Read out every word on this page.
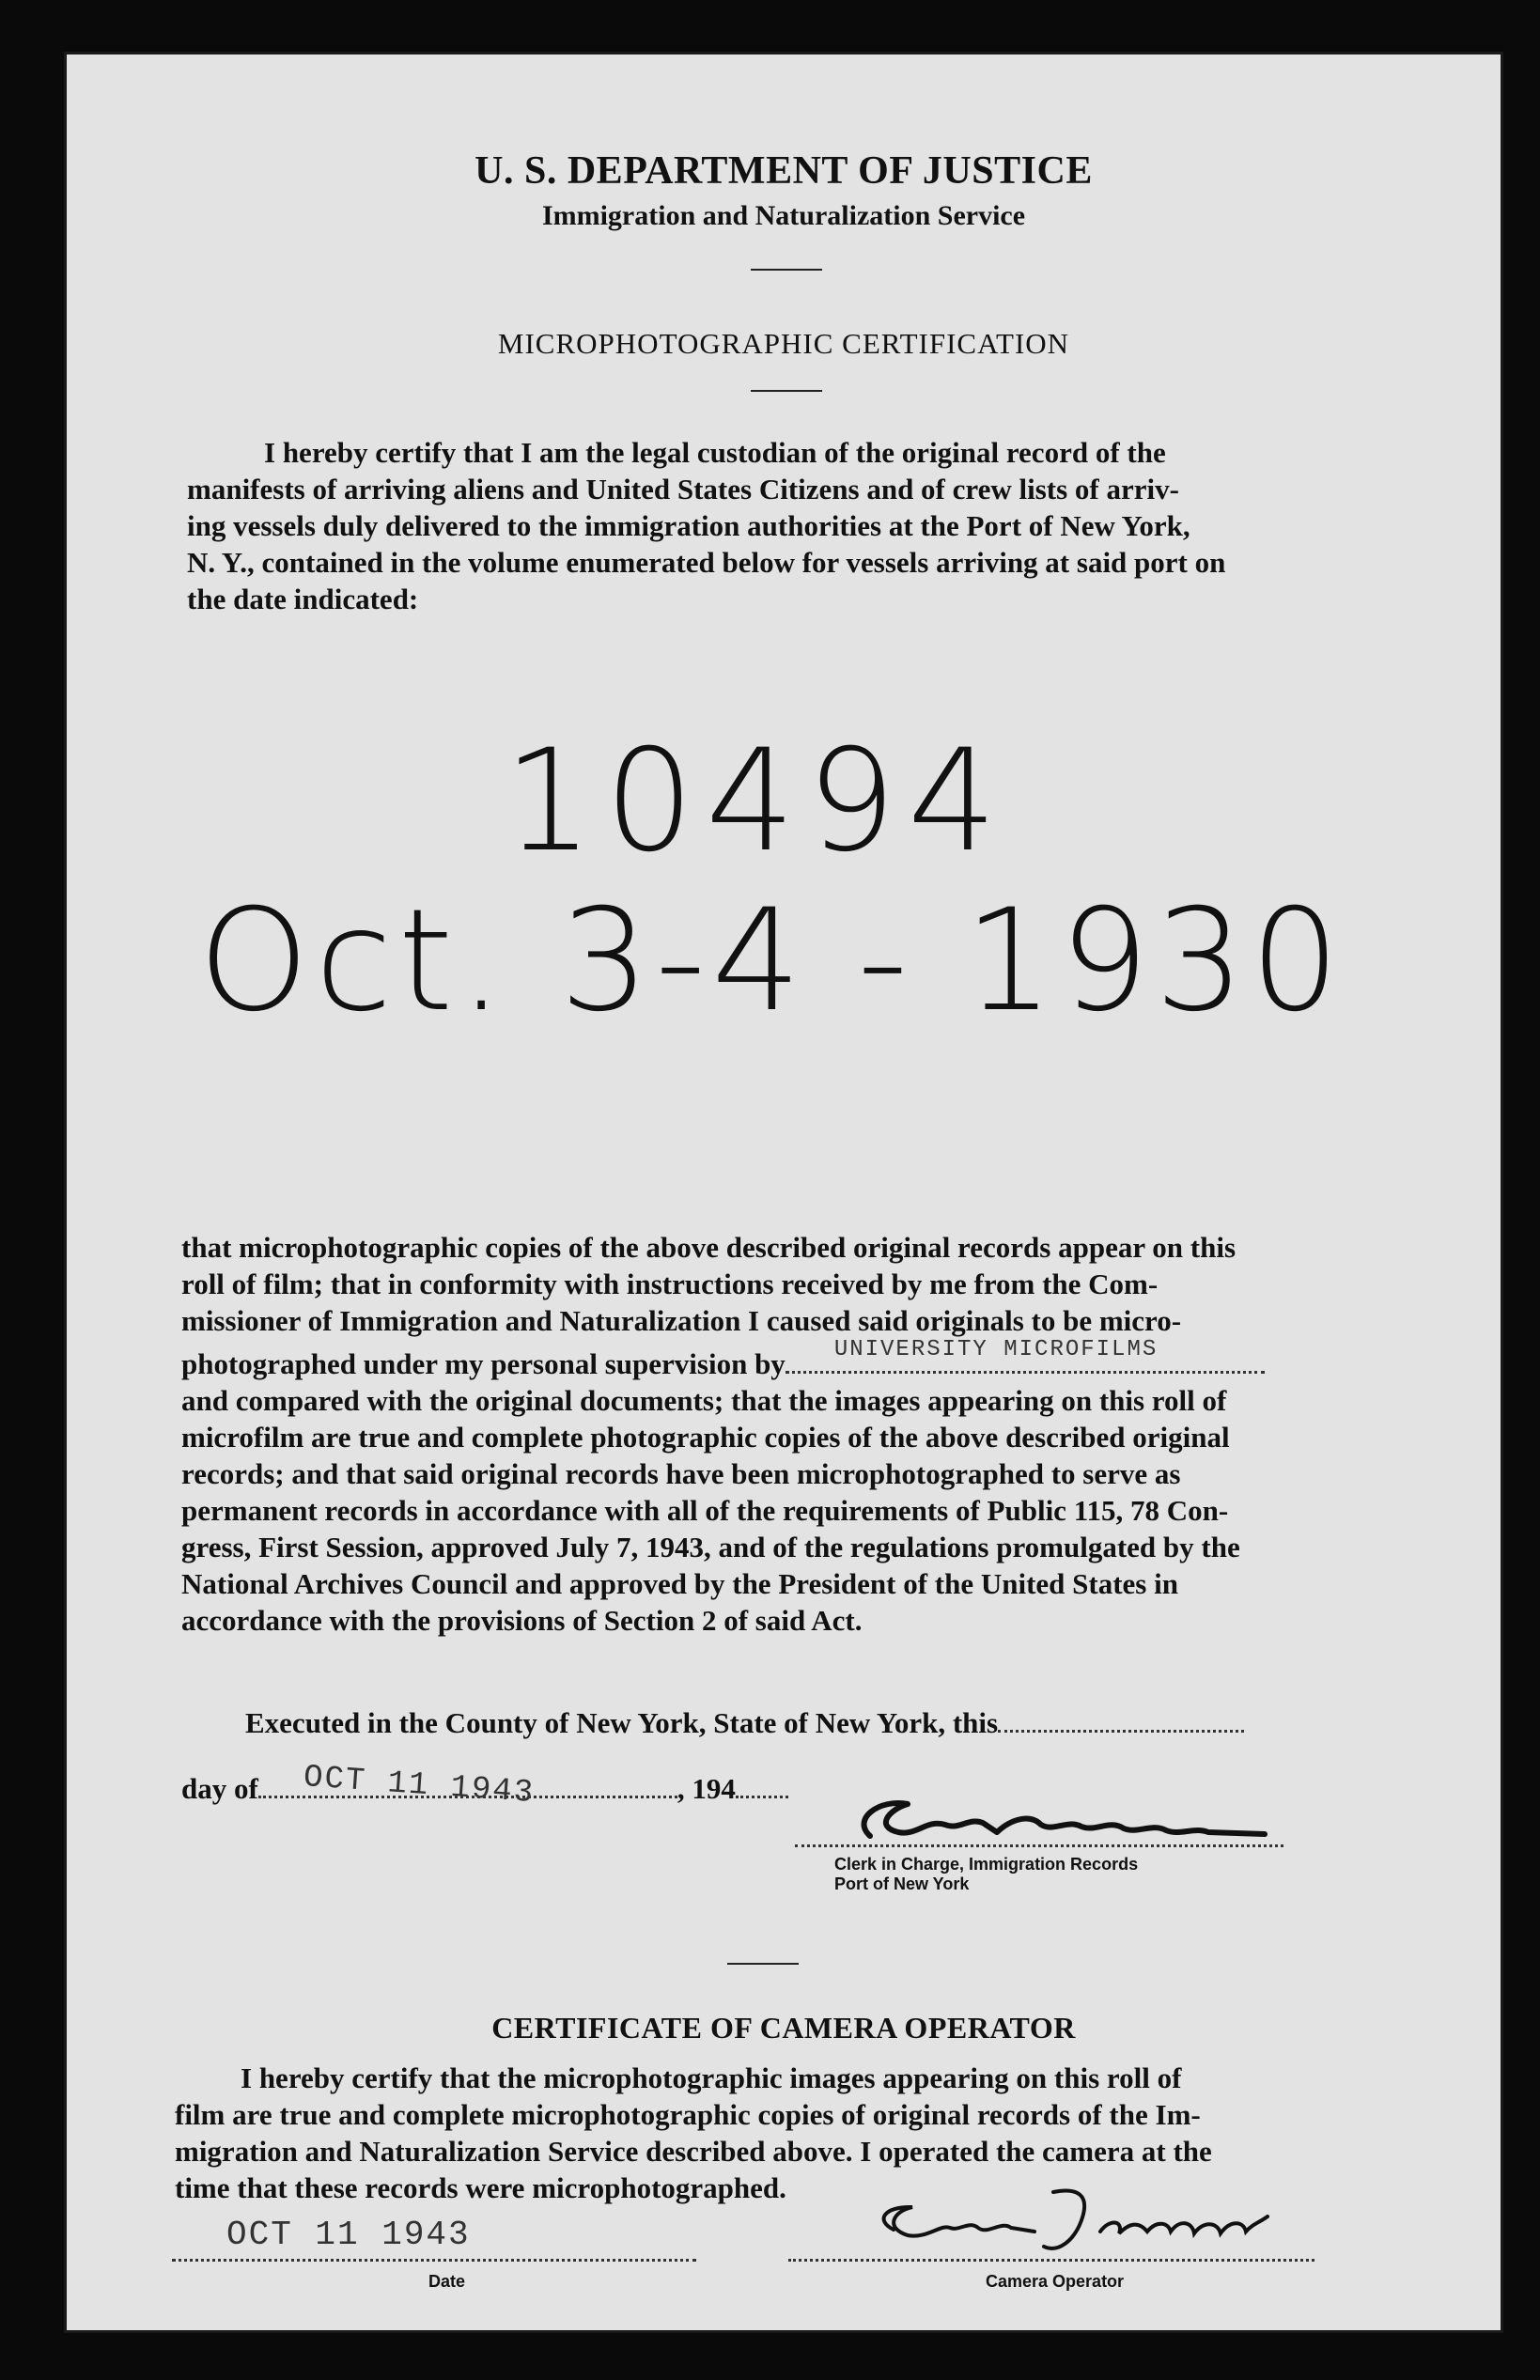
U. S. DEPARTMENT OF JUSTICE
Immigration and Naturalization Service
MICROPHOTOGRAPHIC CERTIFICATION

I hereby certify that I am the legal custodian of the original record of the

manifests of arriving aliens and United States Citizens and of crew lists of arriv-

ing vessels duly delivered to the immigration authorities at the Port of New York,

N. Y., contained in the volume enumerated below for vessels arriving at said port on

the date indicated:

10494
Oct. 3-4 - 1930

that microphotographic copies of the above described original records appear on this

roll of film; that in conformity with instructions received by me from the Com-

missioner of Immigration and Naturalization I caused said originals to be micro-

photographed under my personal supervision by UNIVERSITY MICROFILMS

and compared with the original documents; that the images appearing on this roll of

microfilm are true and complete photographic copies of the above described original

records; and that said original records have been microphotographed to serve as

permanent records in accordance with all of the requirements of Public 115, 78 Con-

gress, First Session, approved July 7, 1943, and of the regulations promulgated by the

National Archives Council and approved by the President of the United States in

accordance with the provisions of Section 2 of said Act.

Executed in the County of New York, State of New York, this
day of OCT 11 1943	, 194
Clerk in Charge, Immigration Records
Port of New York
CERTIFICATE OF CAMERA OPERATOR

I hereby certify that the microphotographic images appearing on this roll of

film are true and complete microphotographic copies of original records of the Im-

migration and Naturalization Service described above. I operated the camera at the

time that these records were microphotographed.

OCT 11 1943
Date	Camera Operator
